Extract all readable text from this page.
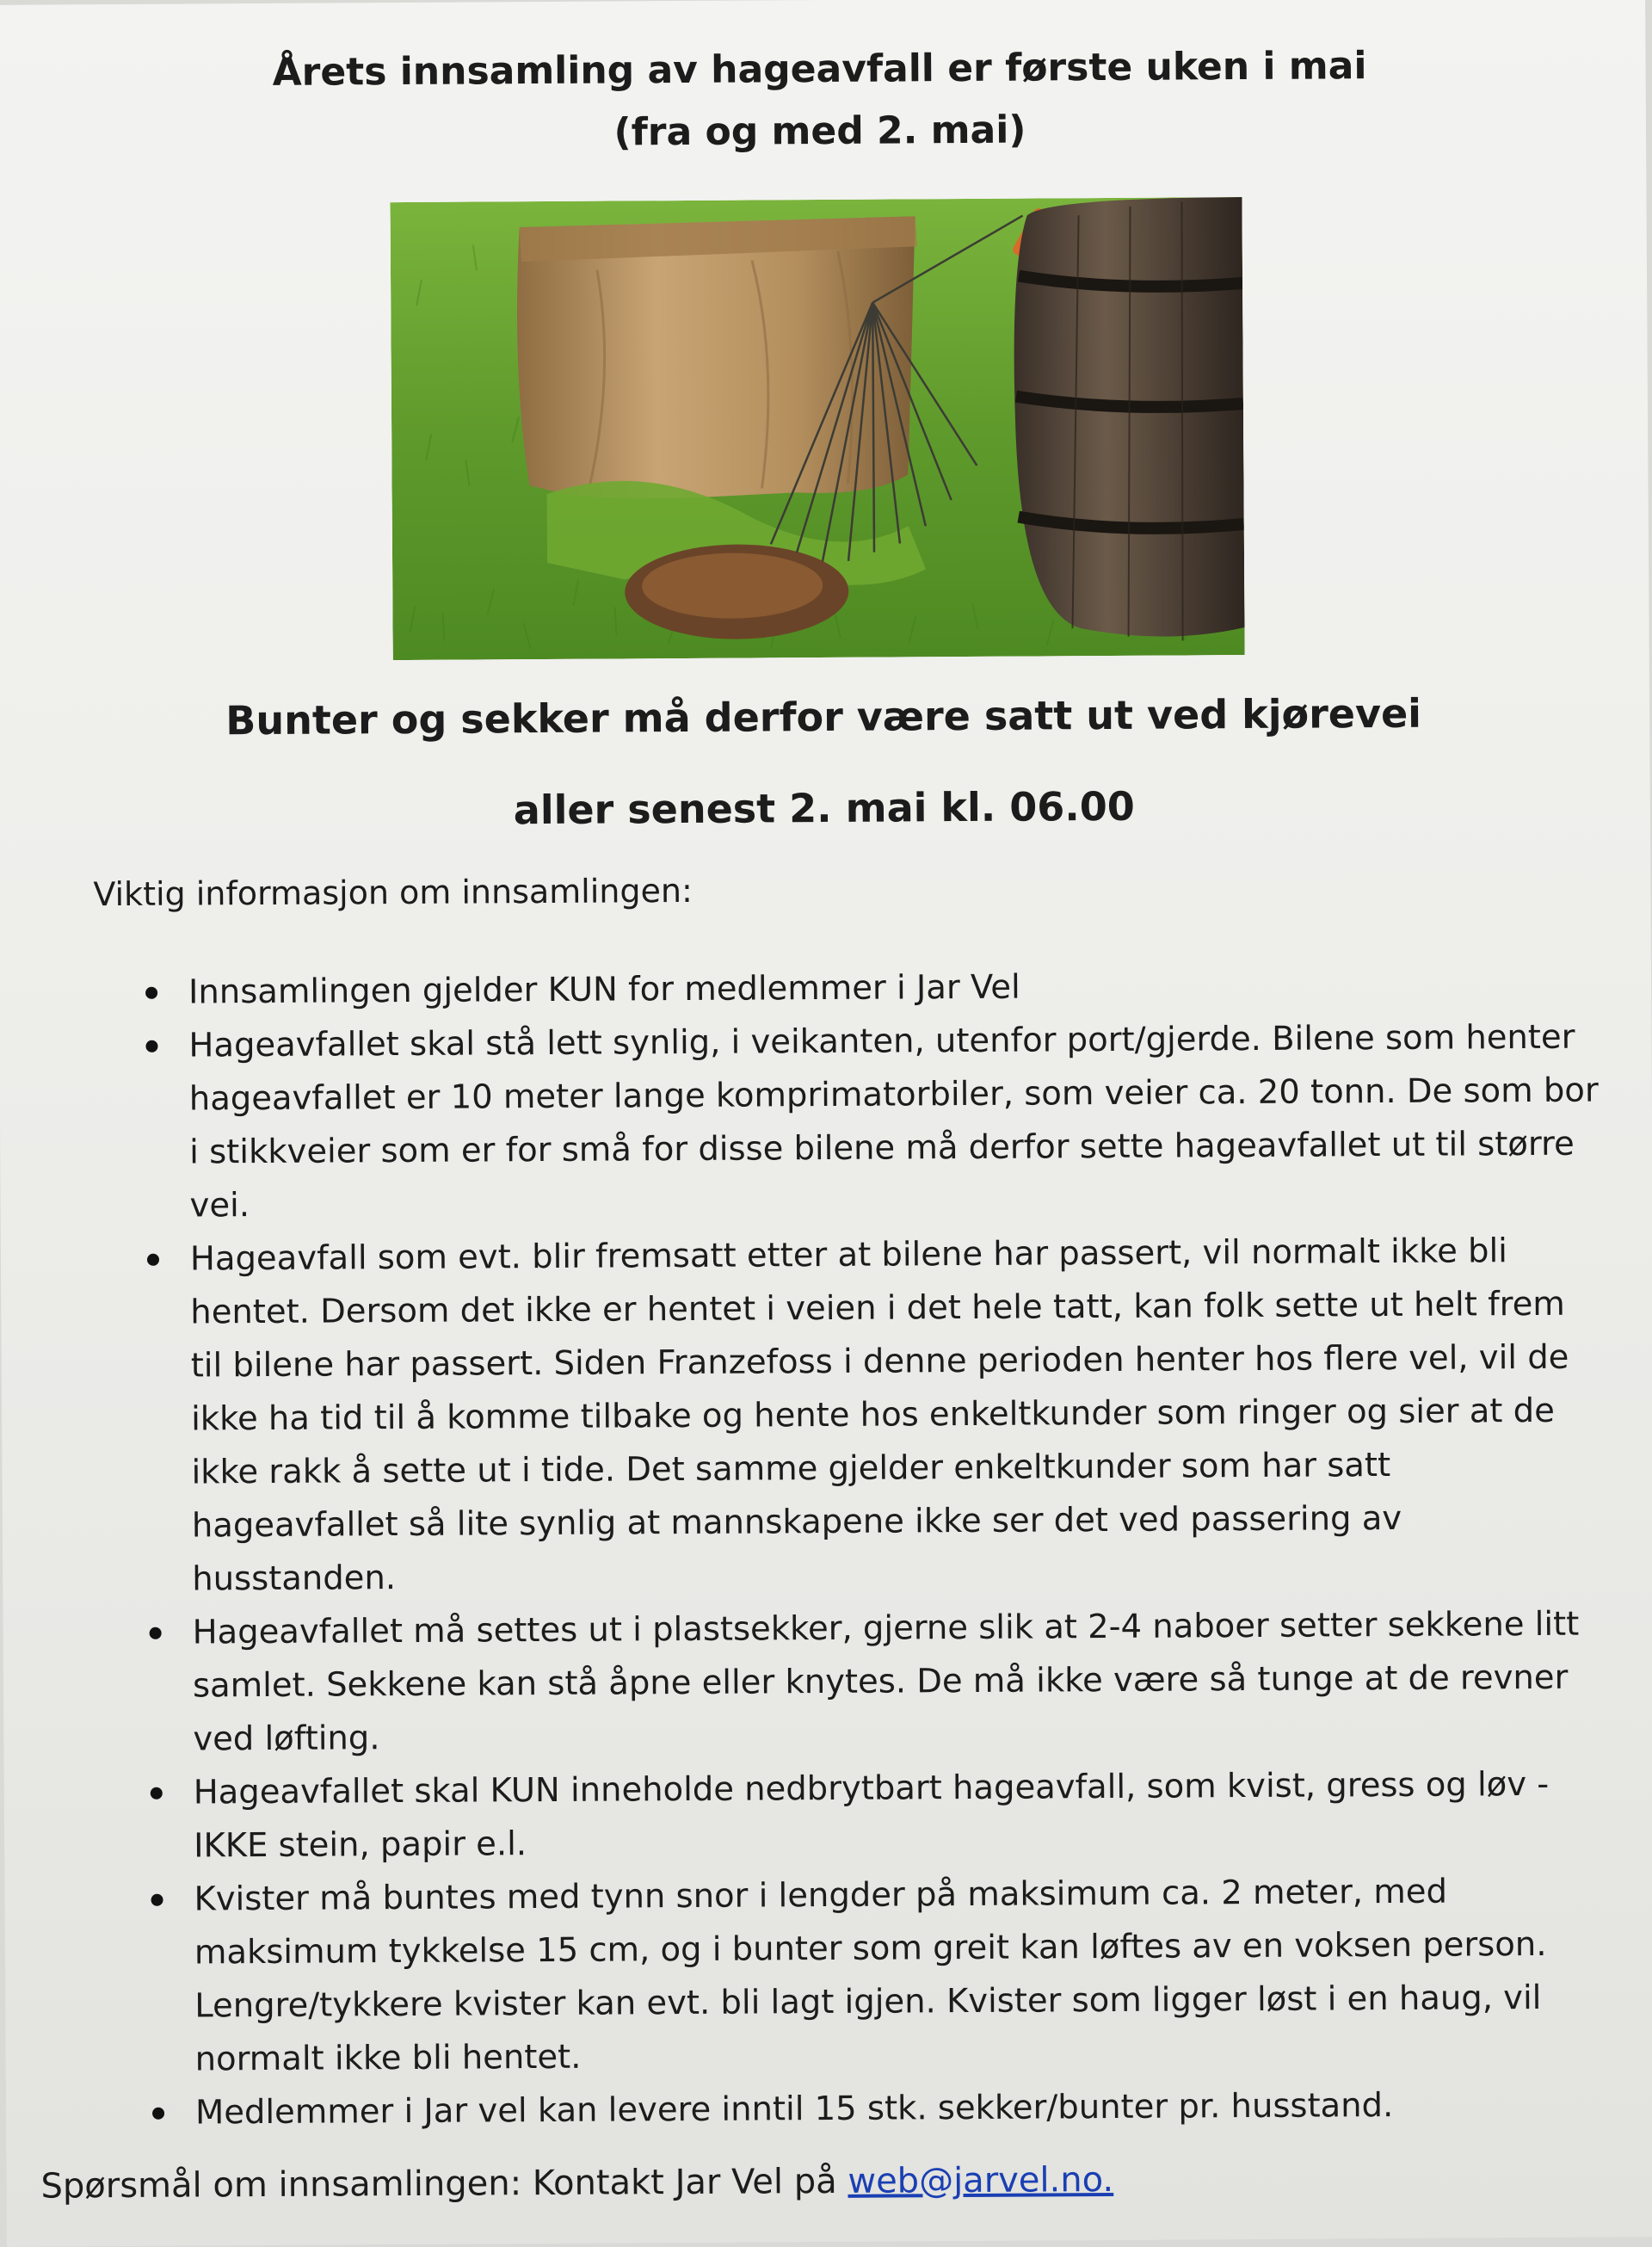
Årets innsamling av hageavfall er første uken i mai
(fra og med 2. mai)
Bunter og sekker må derfor være satt ut ved kjørevei
aller senest 2. mai kl. 06.00

Viktig informasjon om innsamlingen:

Innsamlingen gjelder KUN for medlemmer i Jar Vel
Hageavfallet skal stå lett synlig, i veikanten, utenfor port/gjerde. Bilene som henter hageavfallet er 10 meter lange komprimatorbiler, som veier ca. 20 tonn. De som bor i stikkveier som er for små for disse bilene må derfor sette hageavfallet ut til større vei.
Hageavfall som evt. blir fremsatt etter at bilene har passert, vil normalt ikke bli hentet. Dersom det ikke er hentet i veien i det hele tatt, kan folk sette ut helt frem til bilene har passert. Siden Franzefoss i denne perioden henter hos flere vel, vil de ikke ha tid til å komme tilbake og hente hos enkeltkunder som ringer og sier at de ikke rakk å sette ut i tide. Det samme gjelder enkeltkunder som har satt hageavfallet så lite synlig at mannskapene ikke ser det ved passering av husstanden.
Hageavfallet må settes ut i plastsekker, gjerne slik at 2-4 naboer setter sekkene litt samlet. Sekkene kan stå åpne eller knytes. De må ikke være så tunge at de revner ved løfting.
Hageavfallet skal KUN inneholde nedbrytbart hageavfall, som kvist, gress og løv - IKKE stein, papir e.l.
Kvister må buntes med tynn snor i lengder på maksimum ca. 2 meter, med maksimum tykkelse 15 cm, og i bunter som greit kan løftes av en voksen person. Lengre/tykkere kvister kan evt. bli lagt igjen. Kvister som ligger løst i en haug, vil normalt ikke bli hentet.
Medlemmer i Jar vel kan levere inntil 15 stk. sekker/bunter pr. husstand.

Spørsmål om innsamlingen: Kontakt Jar Vel på web@jarvel.no.
